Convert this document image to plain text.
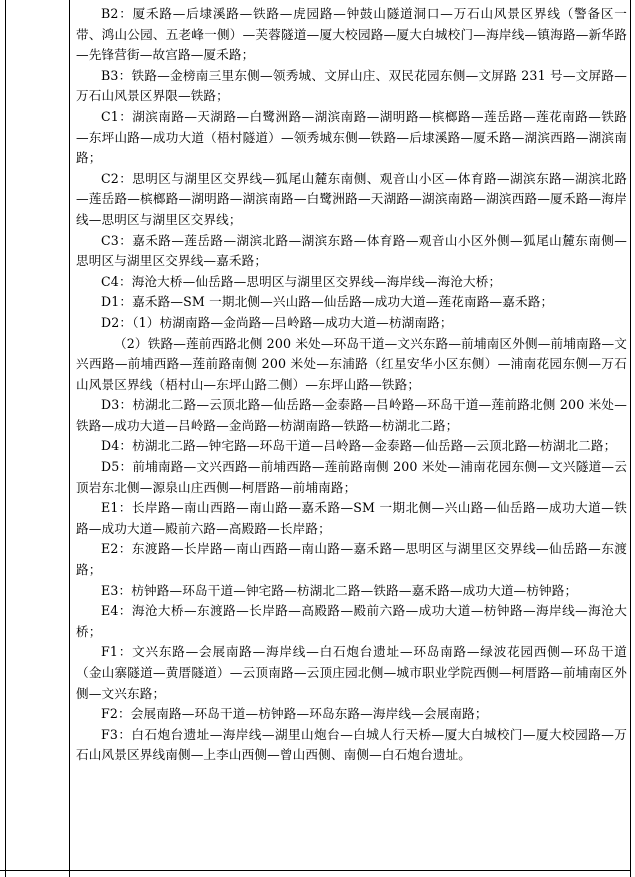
B2：厦禾路—后埭溪路—铁路—虎园路—钟鼓山隧道洞口—万石山风景区界线（警备区一带、鸿山公园、五老峰一侧）—芙蓉隧道—厦大校园路—厦大白城校门—海岸线—镇海路—新华路—先锋营街—故宫路—厦禾路；

B3：铁路—金榜南三里东侧—领秀城、文屏山庄、双民花园东侧—文屏路 231 号—文屏路—万石山风景区界限—铁路；

C1：湖滨南路—天湖路—白鹭洲路—湖滨南路—湖明路—槟榔路—莲岳路—莲花南路—铁路—东坪山路—成功大道（梧村隧道）—领秀城东侧—铁路—后埭溪路—厦禾路—湖滨西路—湖滨南路；

C2：思明区与湖里区交界线—狐尾山麓东南侧、观音山小区—体育路—湖滨东路—湖滨北路—莲岳路—槟榔路—湖明路—湖滨南路—白鹭洲路—天湖路—湖滨南路—湖滨西路—厦禾路—海岸线—思明区与湖里区交界线；

C3：嘉禾路—莲岳路—湖滨北路—湖滨东路—体育路—观音山小区外侧—狐尾山麓东南侧—思明区与湖里区交界线—嘉禾路；

C4：海沧大桥—仙岳路—思明区与湖里区交界线—海岸线—海沧大桥；

D1：嘉禾路—SM 一期北侧—兴山路—仙岳路—成功大道—莲花南路—嘉禾路；

D2：（1）枋湖南路—金尚路—吕岭路—成功大道—枋湖南路；

（2）铁路—莲前西路北侧 200 米处—环岛干道—文兴东路—前埔南区外侧—前埔南路—文兴西路—前埔西路—莲前路南侧 200 米处—东浦路（红星安华小区东侧）—浦南花园东侧—万石山风景区界线（梧村山—东坪山路二侧）—东坪山路—铁路；

D3：枋湖北二路—云顶北路—仙岳路—金泰路—吕岭路—环岛干道—莲前路北侧 200 米处—铁路—成功大道—吕岭路—金尚路—枋湖南路—铁路—枋湖北二路；

D4：枋湖北二路—钟宅路—环岛干道—吕岭路—金泰路—仙岳路—云顶北路—枋湖北二路；

D5：前埔南路—文兴西路—前埔西路—莲前路南侧 200 米处—浦南花园东侧—文兴隧道—云顶岩东北侧—源泉山庄西侧—柯厝路—前埔南路；

E1：长岸路—南山西路—南山路—嘉禾路—SM 一期北侧—兴山路—仙岳路—成功大道—铁路—成功大道—殿前六路—高殿路—长岸路；

E2：东渡路—长岸路—南山西路—南山路—嘉禾路—思明区与湖里区交界线—仙岳路—东渡路；

E3：枋钟路—环岛干道—钟宅路—枋湖北二路—铁路—嘉禾路—成功大道—枋钟路；

E4：海沧大桥—东渡路—长岸路—高殿路—殿前六路—成功大道—枋钟路—海岸线—海沧大桥；

F1：文兴东路—会展南路—海岸线—白石炮台遗址—环岛南路—绿波花园西侧—环岛干道（金山寨隧道—黄厝隧道）—云顶南路—云顶庄园北侧—城市职业学院西侧—柯厝路—前埔南区外侧—文兴东路；

F2：会展南路—环岛干道—枋钟路—环岛东路—海岸线—会展南路；

F3：白石炮台遗址—海岸线—湖里山炮台—白城人行天桥—厦大白城校门—厦大校园路—万石山风景区界线南侧—上李山西侧—曾山西侧、南侧—白石炮台遗址。
